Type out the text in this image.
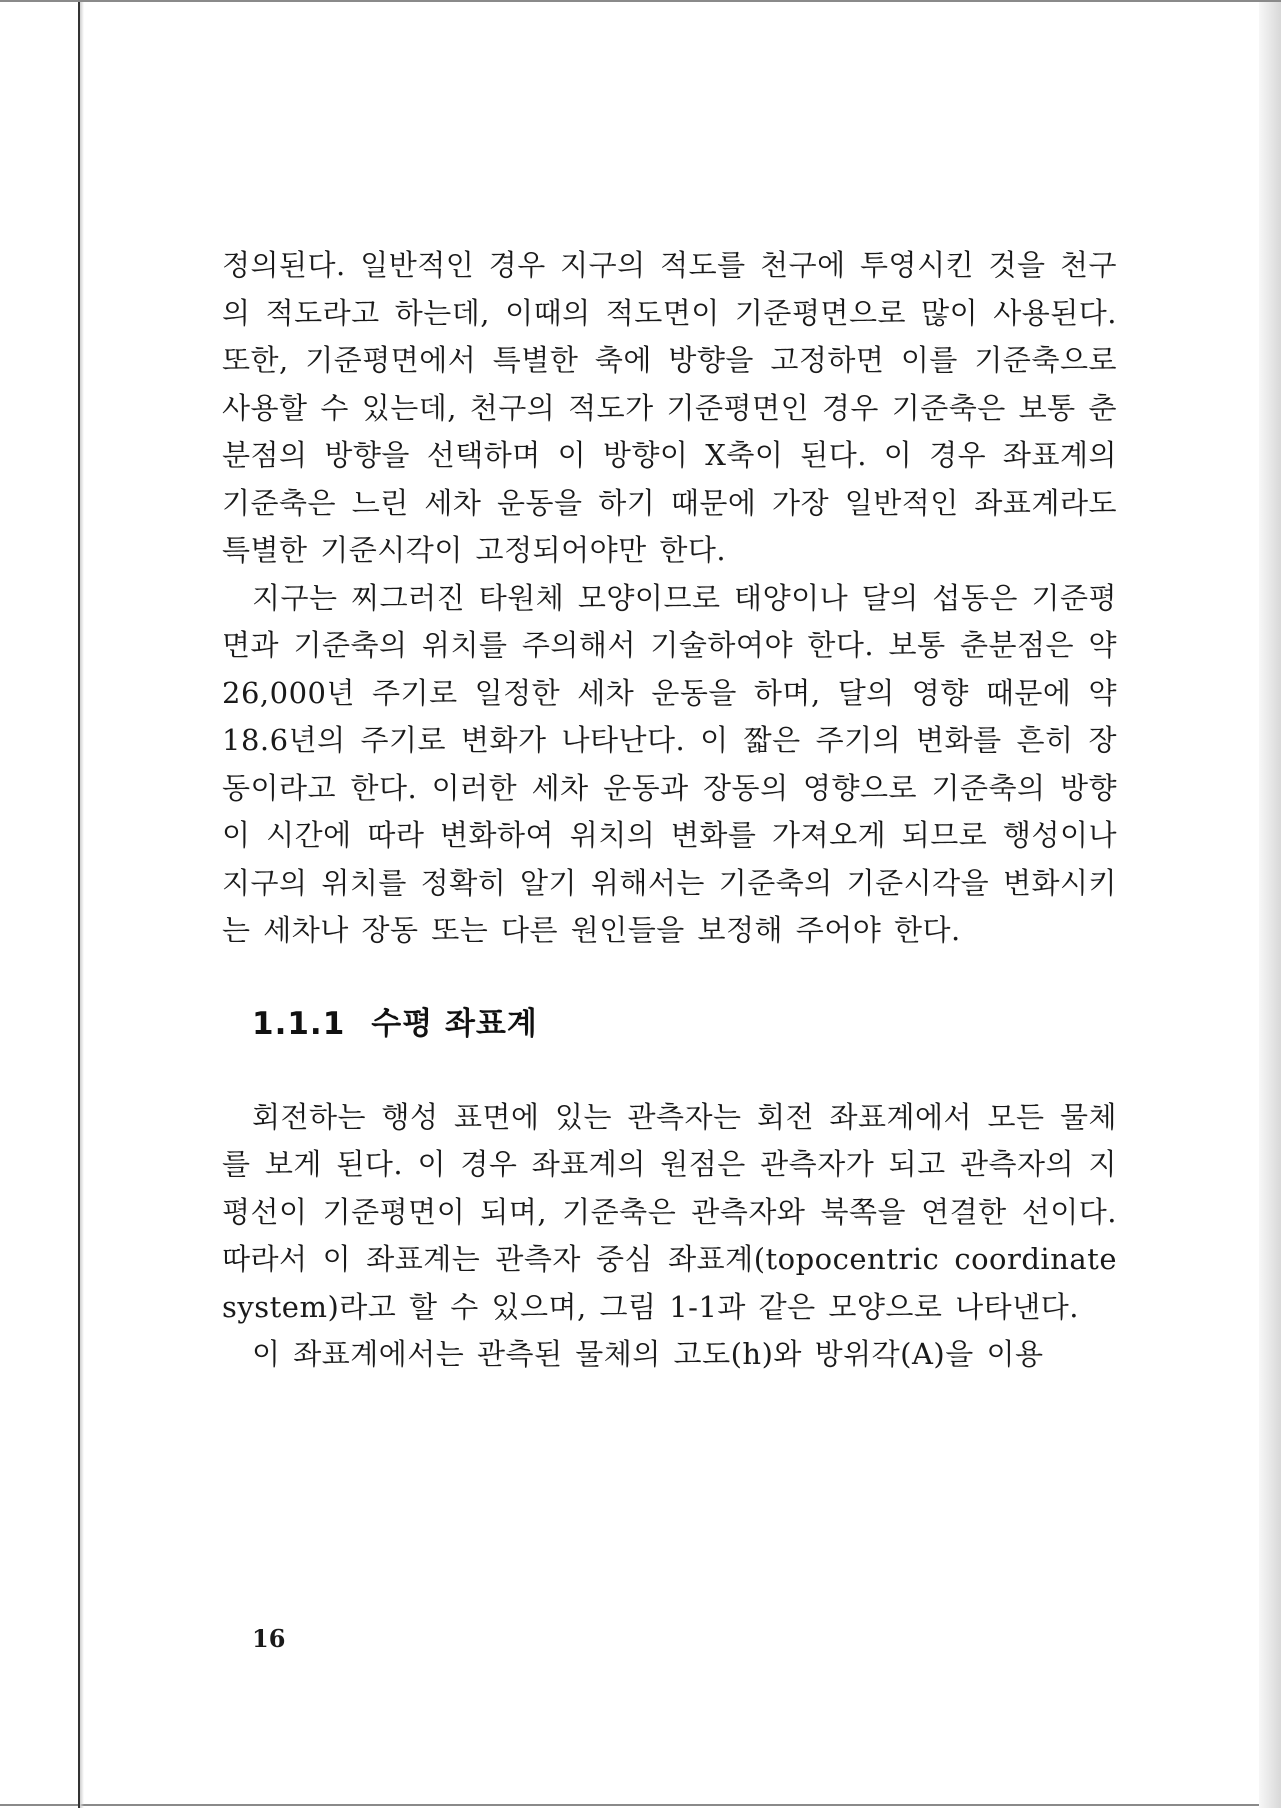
정의된다. 일반적인 경우 지구의 적도를 천구에 투영시킨 것을 천구의 적도라고 하는데, 이때의 적도면이 기준평면으로 많이 사용된다. 또한, 기준평면에서 특별한 축에 방향을 고정하면 이를 기준축으로 사용할 수 있는데, 천구의 적도가 기준평면인 경우 기준축은 보통 춘분점의 방향을 선택하며 이 방향이 X축이 된다. 이 경우 좌표계의 기준축은 느린 세차 운동을 하기 때문에 가장 일반적인 좌표계라도 특별한 기준시각이 고정되어야만 한다.

지구는 찌그러진 타원체 모양이므로 태양이나 달의 섭동은 기준평면과 기준축의 위치를 주의해서 기술하여야 한다. 보통 춘분점은 약 26,000년 주기로 일정한 세차 운동을 하며, 달의 영향 때문에 약 18.6년의 주기로 변화가 나타난다. 이 짧은 주기의 변화를 흔히 장동이라고 한다. 이러한 세차 운동과 장동의 영향으로 기준축의 방향이 시간에 따라 변화하여 위치의 변화를 가져오게 되므로 행성이나 지구의 위치를 정확히 알기 위해서는 기준축의 기준시각을 변화시키는 세차나 장동 또는 다른 원인들을 보정해 주어야 한다.

1.1.1 수평 좌표계

회전하는 행성 표면에 있는 관측자는 회전 좌표계에서 모든 물체를 보게 된다. 이 경우 좌표계의 원점은 관측자가 되고 관측자의 지평선이 기준평면이 되며, 기준축은 관측자와 북쪽을 연결한 선이다. 따라서 이 좌표계는 관측자 중심 좌표계(topocentric coordinate system)라고 할 수 있으며, 그림 1-1과 같은 모양으로 나타낸다.

이 좌표계에서는 관측된 물체의 고도(h)와 방위각(A)을 이용

16
